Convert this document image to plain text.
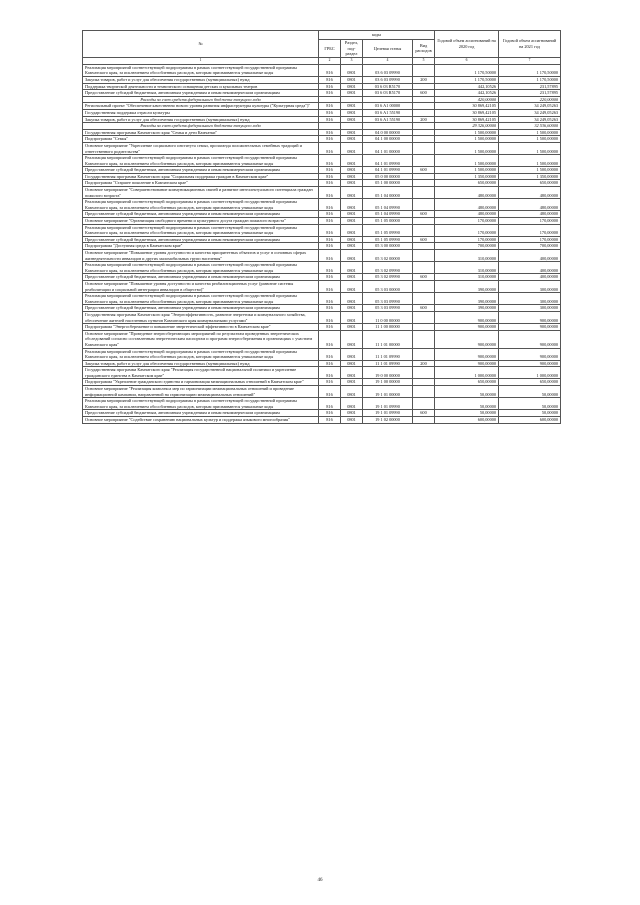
№	коды				Годовой объем ассигнований на 2020 год	Годовой объем ассигнований на 2021 год
	ГРБС	Раздел, под-раздел	Целевая статья	Вид расходов		
1	2	3	4	5	6	7
Реализация мероприятий соответствующей подпрограммы в рамках соответствующей государственной программы Камчатского края, за исключением обособленных расходов, которым присваиваются уникальные коды	816	0801	03 6 03 09990		1 170,50000	1 170,50000
Закупка товаров, работ и услуг для обеспечения государственных (муниципальных) нужд	816	0801	03 6 03 09990	200	1 170,50000	1 170,50000
Поддержка творческой деятельности и технического оснащения детских и кукольных театров	816	0801	03 6 03 R5170		442,10526	231,57895
Предоставление субсидий бюджетным, автономным учреждениям и иным некоммерческим организациям	816	0801	03 6 03 R5170	600	442,10526	231,57895
Расходы за счет средств федерального бюджета текущего года					420,00000	220,00000
Региональный проект "Обеспечение качественно нового уровня развития инфраструктуры культуры ("Культурная среда")"	816	0801	03 6 A1 00000		30 869,42105	34 249,05263
Государственная поддержка отрасли культуры	816	0801	03 6 A1 55190		30 869,42105	34 249,05263
Закупка товаров, работ и услуг для обеспечения государственных (муниципальных) нужд	816	0801	03 6 A1 55190	200	30 869,42105	34 249,05263
Расходы за счет средств федерального бюджета текущего года					29 326,00000	32 536,60000
Государственная программа Камчатского края "Семья и дети Камчатки"	816	0801	04 0 00 00000		1 500,00000	1 500,00000
Подпрограмма "Семья"	816	0801	04 1 00 00000		1 500,00000	1 500,00000
Основное мероприятие "Укрепление социального института семьи, пропаганда положительных семейных традиций и ответственного родительства"	816	0801	04 1 01 00000		1 500,00000	1 500,00000
Реализация мероприятий соответствующей подпрограммы в рамках соответствующей государственной программы Камчатского края, за исключением обособленных расходов, которым присваиваются уникальные коды	816	0801	04 1 01 09990		1 500,00000	1 500,00000
Предоставление субсидий бюджетным, автономным учреждениям и иным некоммерческим организациям	816	0801	04 1 01 09990	600	1 500,00000	1 500,00000
Государственная программа Камчатского края "Социальная поддержка граждан в Камчатском крае"	816	0801	05 0 00 00000		1 350,00000	1 350,00000
Подпрограмма "Старшее поколение в Камчатском крае"	816	0801	05 1 00 00000		650,00000	650,00000
Основное мероприятие "Совершенствование коммуникационных связей и развитие интеллектуального потенциала граждан пожилого возраста"	816	0801	05 1 04 00000		480,00000	480,00000
Реализация мероприятий соответствующей подпрограммы в рамках соответствующей государственной программы Камчатского края, за исключением обособленных расходов, которым присваиваются уникальные коды	816	0801	05 1 04 09990		480,00000	480,00000
Предоставление субсидий бюджетным, автономным учреждениям и иным некоммерческим организациям	816	0801	05 1 04 09990	600	480,00000	480,00000
Основное мероприятие "Организация свободного времени и культурного досуга граждан пожилого возраста"	816	0801	05 1 05 00000		170,00000	170,00000
Реализация мероприятий соответствующей подпрограммы в рамках соответствующей государственной программы Камчатского края, за исключением обособленных расходов, которым присваиваются уникальные коды	816	0801	05 1 05 09990		170,00000	170,00000
Предоставление субсидий бюджетным, автономным учреждениям и иным некоммерческим организациям	816	0801	05 1 05 09990	600	170,00000	170,00000
Подпрограмма "Доступная среда в Камчатском крае"	816	0801	05 3 00 00000		700,00000	700,00000
Основное мероприятие "Повышение уровня доступности и качества приоритетных объектов и услуг в основных сферах жизнедеятельности инвалидов и других маломобильных групп населения"	816	0801	05 3 02 00000		310,00000	400,00000
Реализация мероприятий соответствующей подпрограммы в рамках соответствующей государственной программы Камчатского края, за исключением обособленных расходов, которым присваиваются уникальные коды	816	0801	05 3 02 09990		310,00000	400,00000
Предоставление субсидий бюджетным, автономным учреждениям и иным некоммерческим организациям	816	0801	05 3 02 09990	600	310,00000	400,00000
Основное мероприятие "Повышение уровня доступности и качества реабилитационных услуг (развитие системы реабилитации и социальной интеграции инвалидов в общество)"	816	0801	05 3 03 00000		390,00000	300,00000
Реализация мероприятий соответствующей подпрограммы в рамках соответствующей государственной программы Камчатского края, за исключением обособленных расходов, которым присваиваются уникальные коды	816	0801	05 3 03 09990		390,00000	300,00000
Предоставление субсидий бюджетным, автономным учреждениям и иным некоммерческим организациям	816	0801	05 3 03 09990	600	390,00000	300,00000
Государственная программа Камчатского края "Энергоэффективность, развитие энергетики и коммунального хозяйства, обеспечение жителей населенных пунктов Камчатского края коммунальными услугами"	816	0801	11 0 00 00000		900,00000	900,00000
Подпрограмма "Энергосбережение и повышение энергетической эффективности в Камчатском крае"	816	0801	11 1 00 00000		900,00000	900,00000
Основное мероприятие "Проведение энергосберегающих мероприятий по результатам проведенных энергетических обследований согласно составленным энергетическим паспортам и программ энергосбережения в организациях с участием Камчатского края"	816	0801	11 1 01 00000		900,00000	900,00000
Реализация мероприятий соответствующей подпрограммы в рамках соответствующей государственной программы Камчатского края, за исключением обособленных расходов, которым присваиваются уникальные коды	816	0801	11 1 01 09990		900,00000	900,00000
Закупка товаров, работ и услуг для обеспечения государственных (муниципальных) нужд	816	0801	11 1 01 09990	200	900,00000	900,00000
Государственная программа Камчатского края "Реализация государственной национальной политики и укрепление гражданского единства в Камчатском крае"	816	0801	19 0 00 00000		1 000,00000	1 000,00000
Подпрограмма "Укрепление гражданского единства и гармонизация межнациональных отношений в Камчатском крае"	816	0801	19 1 00 00000		650,00000	650,00000
Основное мероприятие "Реализация комплекса мер по гармонизации межнациональных отношений и проведение информационной кампании, направленной на гармонизацию межнациональных отношений"	816	0801	19 1 01 00000		50,00000	50,00000
Реализация мероприятий соответствующей подпрограммы в рамках соответствующей государственной программы Камчатского края, за исключением обособленных расходов, которым присваиваются уникальные коды	816	0801	19 1 01 09990		50,00000	50,00000
Предоставление субсидий бюджетным, автономным учреждениям и иным некоммерческим организациям	816	0801	19 1 01 09990	600	50,00000	50,00000
Основное мероприятие "Содействие сохранению национальных культур и поддержка языкового многообразия"	816	0801	19 1 02 00000		600,00000	600,00000
46
